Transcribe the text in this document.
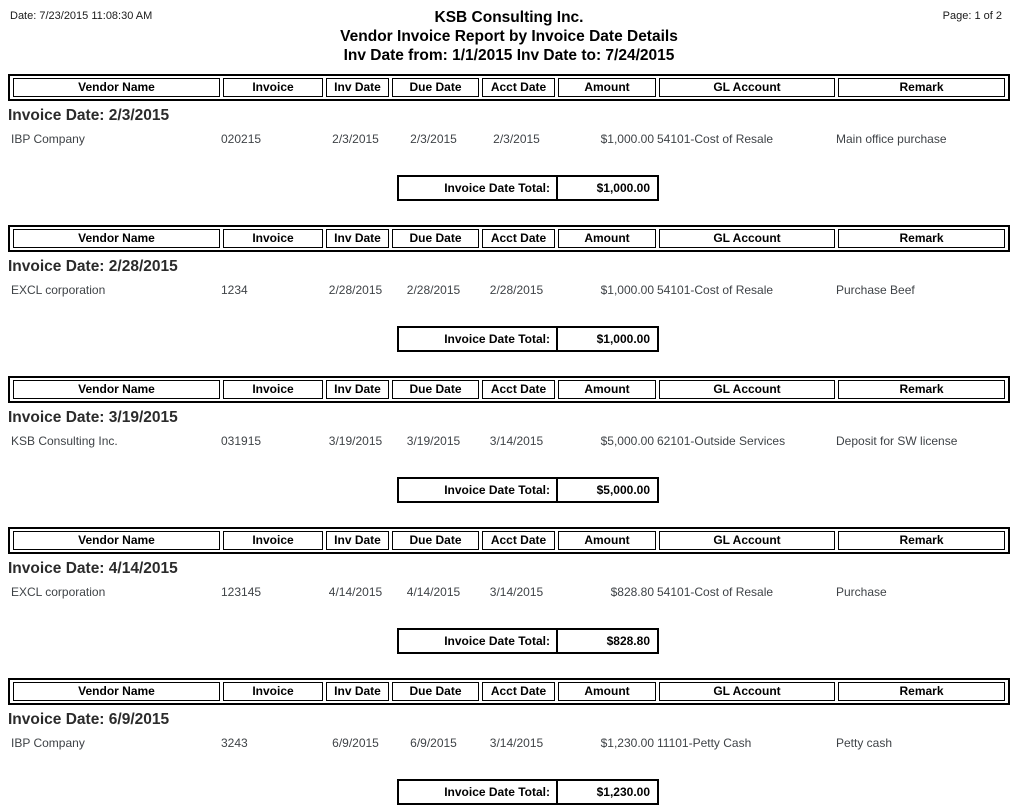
Date: 7/23/2015 11:08:30 AM	Page: 1 of 2
KSB Consulting Inc.
Vendor Invoice Report by Invoice Date Details
Inv Date from: 1/1/2015 Inv Date to: 7/24/2015
Vendor Name	Invoice	Inv Date	Due Date	Acct Date	Amount	GL Account	Remark
Invoice Date: 2/3/2015
IBP Company	020215	2/3/2015	2/3/2015	2/3/2015	$1,000.00	54101-Cost of Resale	Main office purchase
Invoice Date Total:	$1,000.00
Vendor Name	Invoice	Inv Date	Due Date	Acct Date	Amount	GL Account	Remark
Invoice Date: 2/28/2015
EXCL corporation	1234	2/28/2015	2/28/2015	2/28/2015	$1,000.00	54101-Cost of Resale	Purchase Beef
Invoice Date Total:	$1,000.00
Vendor Name	Invoice	Inv Date	Due Date	Acct Date	Amount	GL Account	Remark
Invoice Date: 3/19/2015
KSB Consulting Inc.	031915	3/19/2015	3/19/2015	3/14/2015	$5,000.00	62101-Outside Services	Deposit for SW license
Invoice Date Total:	$5,000.00
Vendor Name	Invoice	Inv Date	Due Date	Acct Date	Amount	GL Account	Remark
Invoice Date: 4/14/2015
EXCL corporation	123145	4/14/2015	4/14/2015	3/14/2015	$828.80	54101-Cost of Resale	Purchase
Invoice Date Total:	$828.80
Vendor Name	Invoice	Inv Date	Due Date	Acct Date	Amount	GL Account	Remark
Invoice Date: 6/9/2015
IBP Company	3243	6/9/2015	6/9/2015	3/14/2015	$1,230.00	11101-Petty Cash	Petty cash
Invoice Date Total:	$1,230.00
